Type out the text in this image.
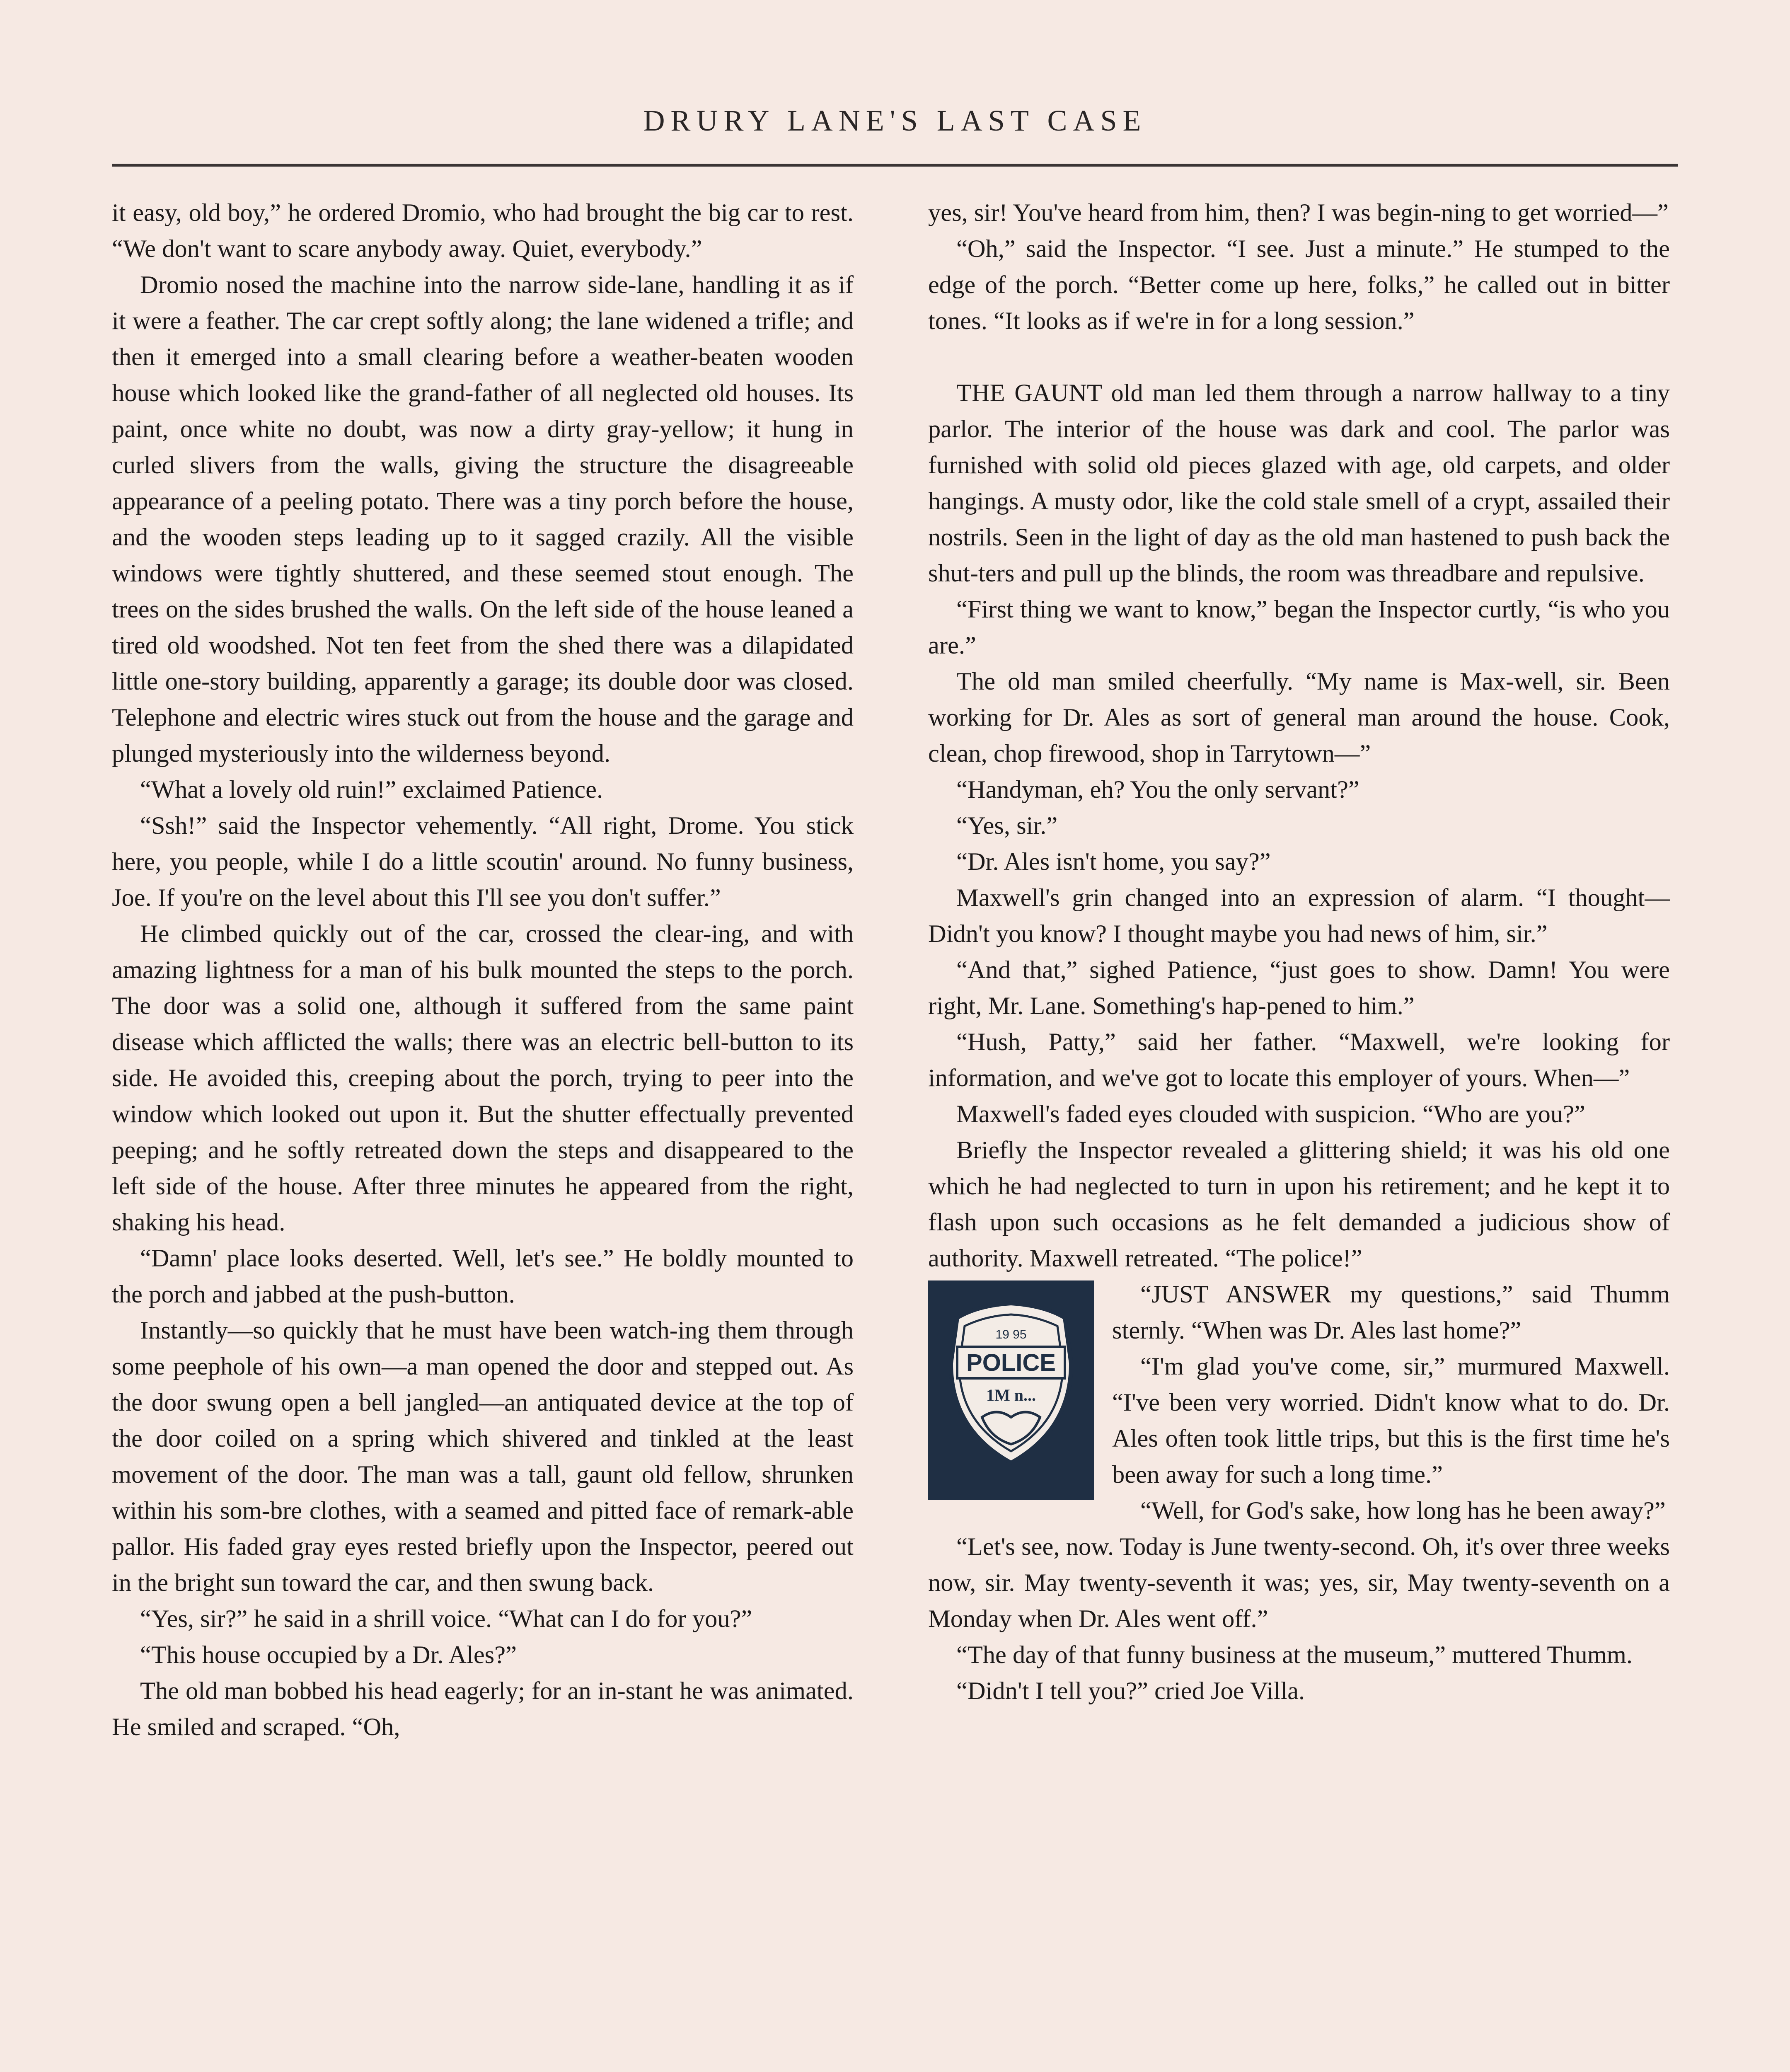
DRURY LANE'S LAST CASE

it easy, old boy,” he ordered Dromio, who had brought the big car to rest. “We don't want to scare anybody away. Quiet, everybody.”

Dromio nosed the machine into the narrow side-lane, handling it as if it were a feather. The car crept softly along; the lane widened a trifle; and then it emerged into a small clearing before a weather-beaten wooden house which looked like the grand-father of all neglected old houses. Its paint, once white no doubt, was now a dirty gray-yellow; it hung in curled slivers from the walls, giving the structure the disagreeable appearance of a peeling potato. There was a tiny porch before the house, and the wooden steps leading up to it sagged crazily. All the visible windows were tightly shuttered, and these seemed stout enough. The trees on the sides brushed the walls. On the left side of the house leaned a tired old woodshed. Not ten feet from the shed there was a dilapidated little one-story building, apparently a garage; its double door was closed. Telephone and electric wires stuck out from the house and the garage and plunged mysteriously into the wilderness beyond.

“What a lovely old ruin!” exclaimed Patience.

“Ssh!” said the Inspector vehemently. “All right, Drome. You stick here, you people, while I do a little scoutin' around. No funny business, Joe. If you're on the level about this I'll see you don't suffer.”

He climbed quickly out of the car, crossed the clear-ing, and with amazing lightness for a man of his bulk mounted the steps to the porch. The door was a solid one, although it suffered from the same paint disease which afflicted the walls; there was an electric bell-button to its side. He avoided this, creeping about the porch, trying to peer into the window which looked out upon it. But the shutter effectually prevented peeping; and he softly retreated down the steps and disappeared to the left side of the house. After three minutes he appeared from the right, shaking his head.

“Damn' place looks deserted. Well, let's see.” He boldly mounted to the porch and jabbed at the push-button.

Instantly—so quickly that he must have been watch-ing them through some peephole of his own—a man opened the door and stepped out. As the door swung open a bell jangled—an antiquated device at the top of the door coiled on a spring which shivered and tinkled at the least movement of the door. The man was a tall, gaunt old fellow, shrunken within his som-bre clothes, with a seamed and pitted face of remark-able pallor. His faded gray eyes rested briefly upon the Inspector, peered out in the bright sun toward the car, and then swung back.

“Yes, sir?” he said in a shrill voice. “What can I do for you?”

“This house occupied by a Dr. Ales?”

The old man bobbed his head eagerly; for an in-stant he was animated. He smiled and scraped. “Oh,

yes, sir! You've heard from him, then? I was begin-ning to get worried—”

“Oh,” said the Inspector. “I see. Just a minute.” He stumped to the edge of the porch. “Better come up here, folks,” he called out in bitter tones. “It looks as if we're in for a long session.”

THE GAUNT old man led them through a narrow hallway to a tiny parlor. The interior of the house was dark and cool. The parlor was furnished with solid old pieces glazed with age, old carpets, and older hangings. A musty odor, like the cold stale smell of a crypt, assailed their nostrils. Seen in the light of day as the old man hastened to push back the shut-ters and pull up the blinds, the room was threadbare and repulsive.

“First thing we want to know,” began the Inspector curtly, “is who you are.”

The old man smiled cheerfully. “My name is Max-well, sir. Been working for Dr. Ales as sort of general man around the house. Cook, clean, chop firewood, shop in Tarrytown—”

“Handyman, eh? You the only servant?”

“Yes, sir.”

“Dr. Ales isn't home, you say?”

Maxwell's grin changed into an expression of alarm. “I thought— Didn't you know? I thought maybe you had news of him, sir.”

“And that,” sighed Patience, “just goes to show. Damn! You were right, Mr. Lane. Something's hap-pened to him.”

“Hush, Patty,” said her father. “Maxwell, we're looking for information, and we've got to locate this employer of yours. When—”

Maxwell's faded eyes clouded with suspicion. “Who are you?”

Briefly the Inspector revealed a glittering shield; it was his old one which he had neglected to turn in upon his retirement; and he kept it to flash upon such occasions as he felt demanded a judicious show of authority. Maxwell retreated. “The police!”

19 95
POLICE
1M n...

“JUST ANSWER my questions,” said Thumm sternly. “When was Dr. Ales last home?”

“I'm glad you've come, sir,” murmured Maxwell. “I've been very worried. Didn't know what to do. Dr. Ales often took little trips, but this is the first time he's been away for such a long time.”

“Well, for God's sake, how long has he been away?”

“Let's see, now. Today is June twenty-second. Oh, it's over three weeks now, sir. May twenty-seventh it was; yes, sir, May twenty-seventh on a Monday when Dr. Ales went off.”

“The day of that funny business at the museum,” muttered Thumm.

“Didn't I tell you?” cried Joe Villa.
